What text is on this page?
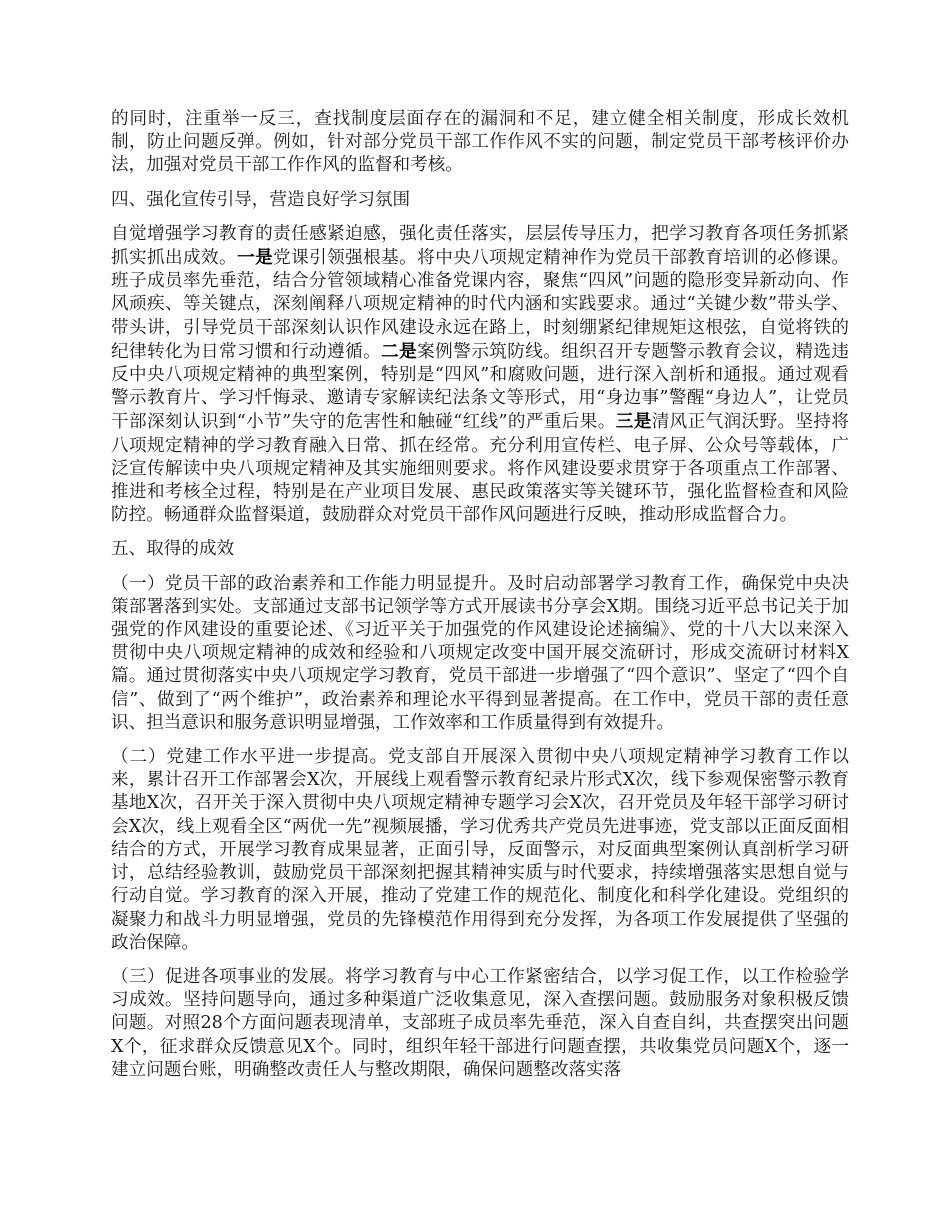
的同时，注重举一反三，查找制度层面存在的漏洞和不足，建立健全相关制度，形成长效机制，防止问题反弹。例如，针对部分党员干部工作作风不实的问题，制定党员干部考核评价办法，加强对党员干部工作作风的监督和考核。

四、强化宣传引导，营造良好学习氛围

自觉增强学习教育的责任感紧迫感，强化责任落实，层层传导压力，把学习教育各项任务抓紧抓实抓出成效。一是党课引领强根基。将中央八项规定精神作为党员干部教育培训的必修课。班子成员率先垂范，结合分管领域精心准备党课内容，聚焦“四风”问题的隐形变异新动向、作风顽疾、等关键点，深刻阐释八项规定精神的时代内涵和实践要求。通过“关键少数”带头学、带头讲，引导党员干部深刻认识作风建设永远在路上，时刻绷紧纪律规矩这根弦，自觉将铁的纪律转化为日常习惯和行动遵循。二是案例警示筑防线。组织召开专题警示教育会议，精选违反中央八项规定精神的典型案例，特别是“四风”和腐败问题，进行深入剖析和通报。通过观看警示教育片、学习忏悔录、邀请专家解读纪法条文等形式，用“身边事”警醒“身边人”，让党员干部深刻认识到“小节”失守的危害性和触碰“红线”的严重后果。三是清风正气润沃野。坚持将八项规定精神的学习教育融入日常、抓在经常。充分利用宣传栏、电子屏、公众号等载体，广泛宣传解读中央八项规定精神及其实施细则要求。将作风建设要求贯穿于各项重点工作部署、推进和考核全过程，特别是在产业项目发展、惠民政策落实等关键环节，强化监督检查和风险防控。畅通群众监督渠道，鼓励群众对党员干部作风问题进行反映，推动形成监督合力。

五、取得的成效

（一）党员干部的政治素养和工作能力明显提升。及时启动部署学习教育工作，确保党中央决策部署落到实处。支部通过支部书记领学等方式开展读书分享会X期。围绕习近平总书记关于加强党的作风建设的重要论述、《习近平关于加强党的作风建设论述摘编》、党的十八大以来深入贯彻中央八项规定精神的成效和经验和八项规定改变中国开展交流研讨，形成交流研讨材料X篇。通过贯彻落实中央八项规定学习教育，党员干部进一步增强了“四个意识”、坚定了“四个自信”、做到了“两个维护”，政治素养和理论水平得到显著提高。在工作中，党员干部的责任意识、担当意识和服务意识明显增强，工作效率和工作质量得到有效提升。

（二）党建工作水平进一步提高。党支部自开展深入贯彻中央八项规定精神学习教育工作以来，累计召开工作部署会X次，开展线上观看警示教育纪录片形式X次，线下参观保密警示教育基地X次，召开关于深入贯彻中央八项规定精神专题学习会X次，召开党员及年轻干部学习研讨会X次，线上观看全区“两优一先”视频展播，学习优秀共产党员先进事迹，党支部以正面反面相结合的方式，开展学习教育成果显著，正面引导，反面警示，对反面典型案例认真剖析学习研讨，总结经验教训，鼓励党员干部深刻把握其精神实质与时代要求，持续增强落实思想自觉与行动自觉。学习教育的深入开展，推动了党建工作的规范化、制度化和科学化建设。党组织的凝聚力和战斗力明显增强，党员的先锋模范作用得到充分发挥，为各项工作发展提供了坚强的政治保障。

（三）促进各项事业的发展。将学习教育与中心工作紧密结合，以学习促工作，以工作检验学习成效。坚持问题导向，通过多种渠道广泛收集意见，深入查摆问题。鼓励服务对象积极反馈问题。对照28个方面问题表现清单，支部班子成员率先垂范，深入自查自纠，共查摆突出问题X个，征求群众反馈意见X个。同时，组织年轻干部进行问题查摆，共收集党员问题X个，逐一建立问题台账，明确整改责任人与整改期限，确保问题整改落实落
